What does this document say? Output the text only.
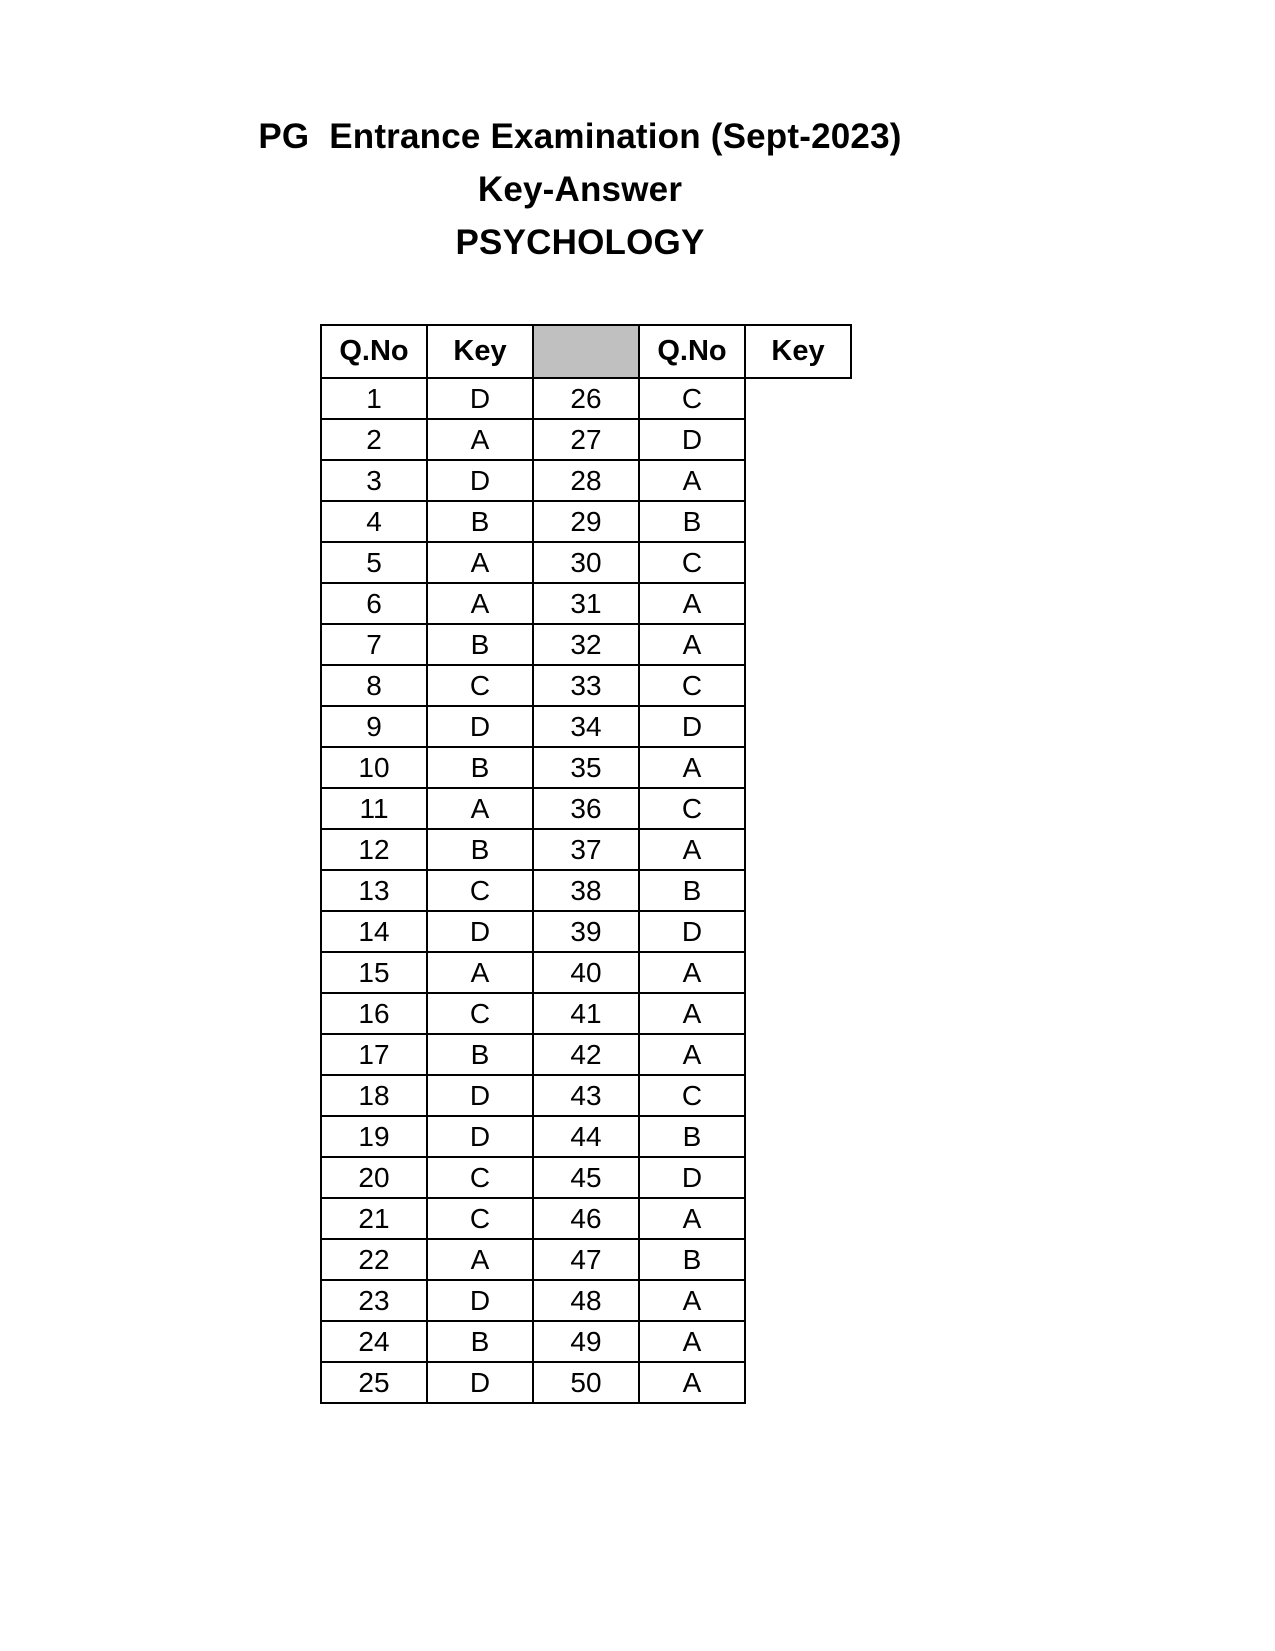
PG  Entrance Examination (Sept-2023)
Key-Answer
PSYCHOLOGY
Q.No	Key		Q.No	Key
1	D	26	C	
2	A	27	D	
3	D	28	A	
4	B	29	B	
5	A	30	C	
6	A	31	A	
7	B	32	A	
8	C	33	C	
9	D	34	D	
10	B	35	A	
11	A	36	C	
12	B	37	A	
13	C	38	B	
14	D	39	D	
15	A	40	A	
16	C	41	A	
17	B	42	A	
18	D	43	C	
19	D	44	B	
20	C	45	D	
21	C	46	A	
22	A	47	B	
23	D	48	A	
24	B	49	A	
25	D	50	A	
